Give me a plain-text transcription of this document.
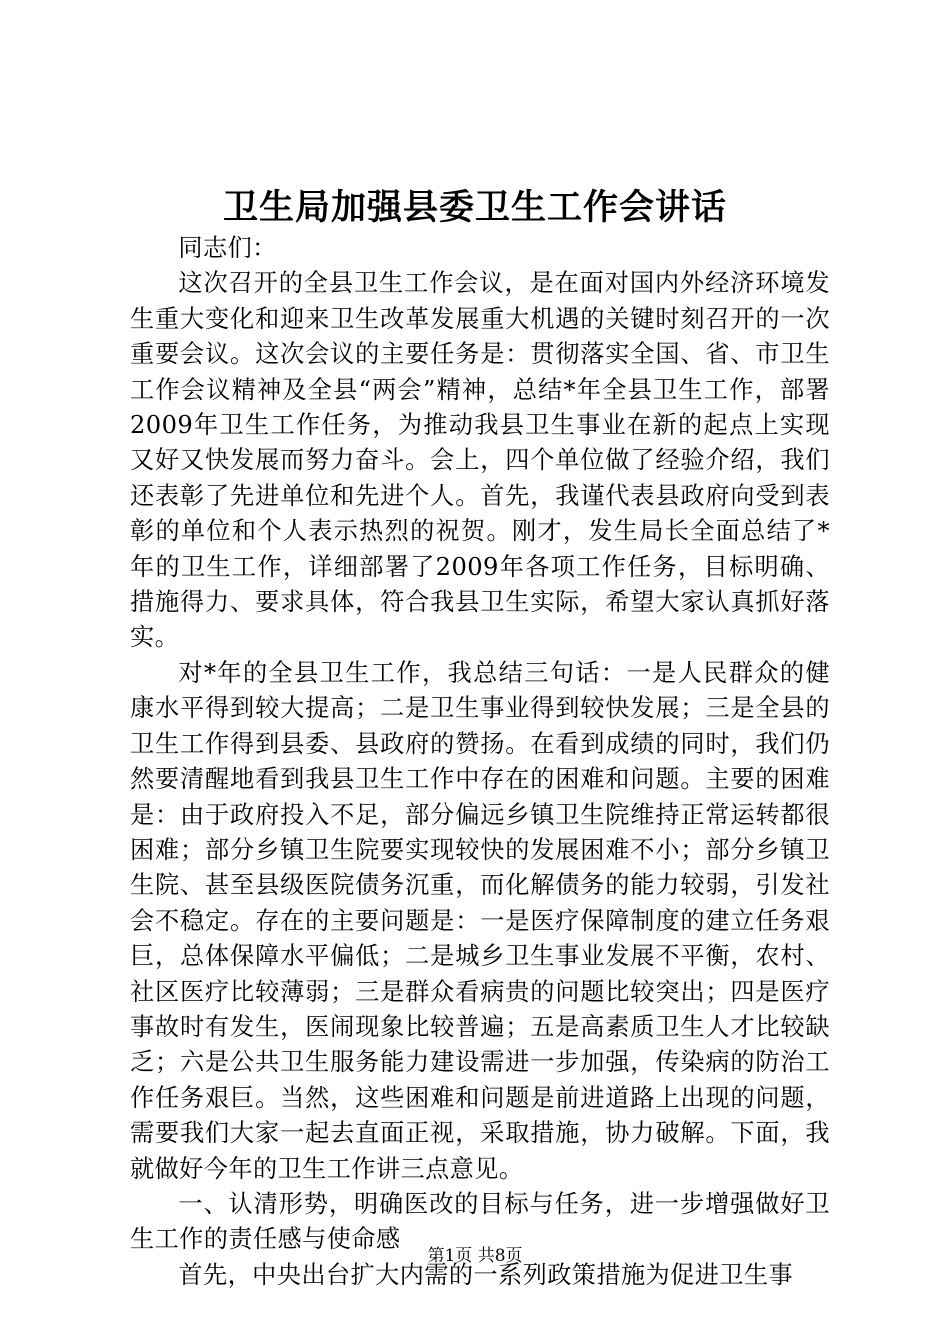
卫生局加强县委卫生工作会讲话

同志们：

这次召开的全县卫生工作会议，是在面对国内外经济环境发生重大变化和迎来卫生改革发展重大机遇的关键时刻召开的一次重要会议。这次会议的主要任务是：贯彻落实全国、省、市卫生工作会议精神及全县“两会”精神，总结*年全县卫生工作，部署2009年卫生工作任务，为推动我县卫生事业在新的起点上实现又好又快发展而努力奋斗。会上，四个单位做了经验介绍，我们还表彰了先进单位和先进个人。首先，我谨代表县政府向受到表彰的单位和个人表示热烈的祝贺。刚才，发生局长全面总结了*年的卫生工作，详细部署了2009年各项工作任务，目标明确、措施得力、要求具体，符合我县卫生实际，希望大家认真抓好落实。

对*年的全县卫生工作，我总结三句话：一是人民群众的健康水平得到较大提高；二是卫生事业得到较快发展；三是全县的卫生工作得到县委、县政府的赞扬。在看到成绩的同时，我们仍然要清醒地看到我县卫生工作中存在的困难和问题。主要的困难是：由于政府投入不足，部分偏远乡镇卫生院维持正常运转都很困难；部分乡镇卫生院要实现较快的发展困难不小；部分乡镇卫生院、甚至县级医院债务沉重，而化解债务的能力较弱，引发社会不稳定。存在的主要问题是：一是医疗保障制度的建立任务艰巨，总体保障水平偏低；二是城乡卫生事业发展不平衡，农村、社区医疗比较薄弱；三是群众看病贵的问题比较突出；四是医疗事故时有发生，医闹现象比较普遍；五是高素质卫生人才比较缺乏；六是公共卫生服务能力建设需进一步加强，传染病的防治工作任务艰巨。当然，这些困难和问题是前进道路上出现的问题，需要我们大家一起去直面正视，采取措施，协力破解。下面，我就做好今年的卫生工作讲三点意见。

一、认清形势，明确医改的目标与任务，进一步增强做好卫生工作的责任感与使命感

首先，中央出台扩大内需的一系列政策措施为促进卫生事

第1页 共8页
